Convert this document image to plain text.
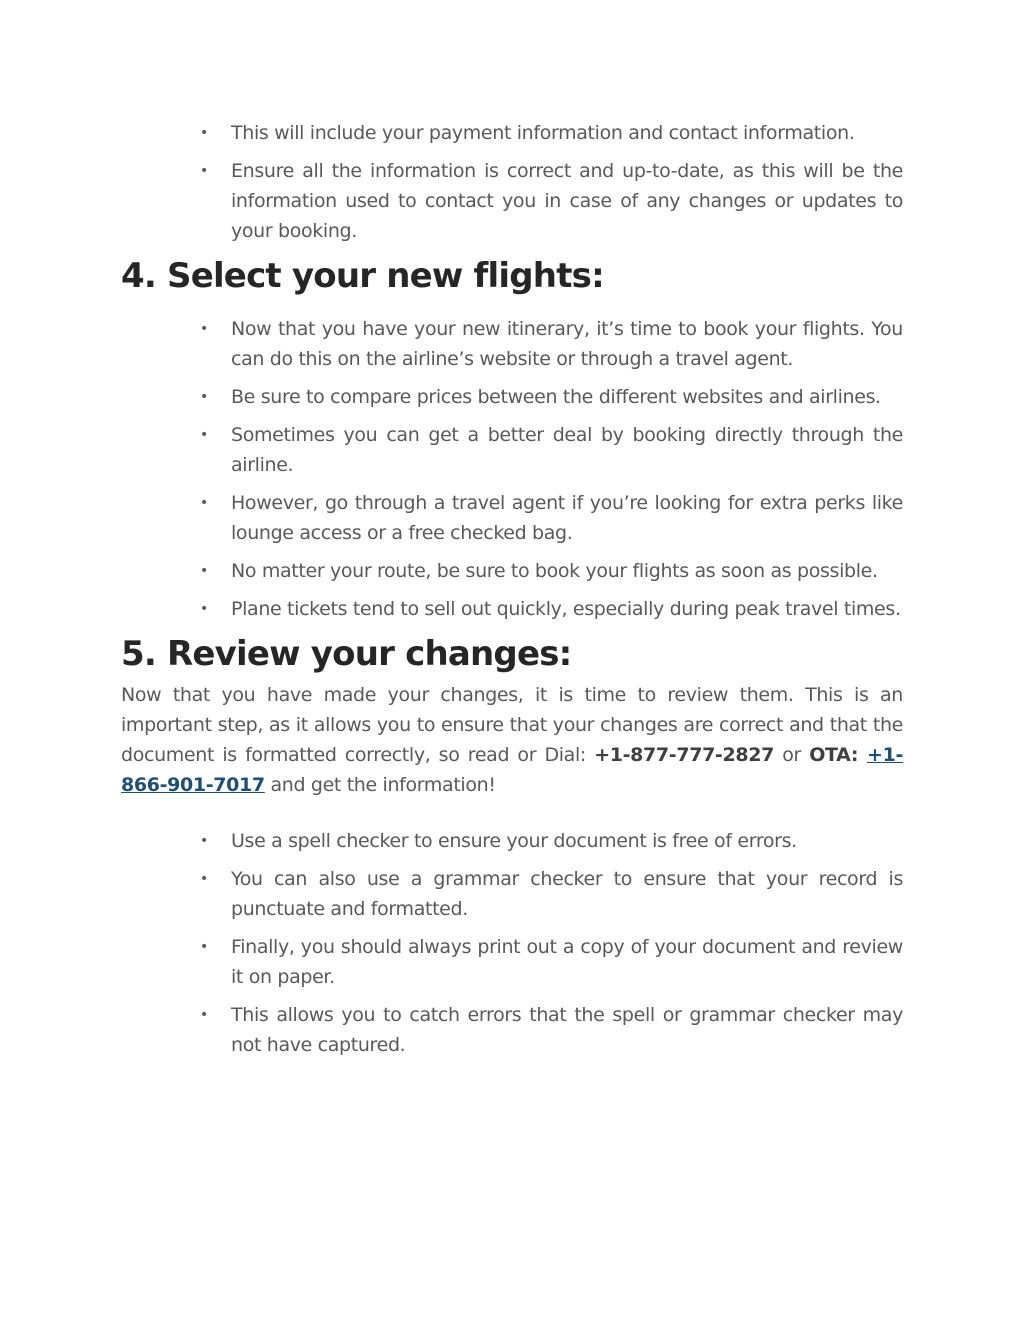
• This will include your payment information and contact information.
• Ensure all the information is correct and up-to-date, as this will be the information used to contact you in case of any changes or updates to your booking.
4. Select your new flights:
• Now that you have your new itinerary, it’s time to book your flights. You can do this on the airline’s website or through a travel agent.
• Be sure to compare prices between the different websites and airlines.
• Sometimes you can get a better deal by booking directly through the airline.
• However, go through a travel agent if you’re looking for extra perks like lounge access or a free checked bag.
• No matter your route, be sure to book your flights as soon as possible.
• Plane tickets tend to sell out quickly, especially during peak travel times.
5. Review your changes:

Now that you have made your changes, it is time to review them. This is an important step, as it allows you to ensure that your changes are correct and that the document is formatted correctly, so read or Dial: +1-877-777-2827 or OTA: +1-866-901-7017 and get the information!

• Use a spell checker to ensure your document is free of errors.
• You can also use a grammar checker to ensure that your record is punctuate and formatted.
• Finally, you should always print out a copy of your document and review it on paper.
• This allows you to catch errors that the spell or grammar checker may not have captured.
